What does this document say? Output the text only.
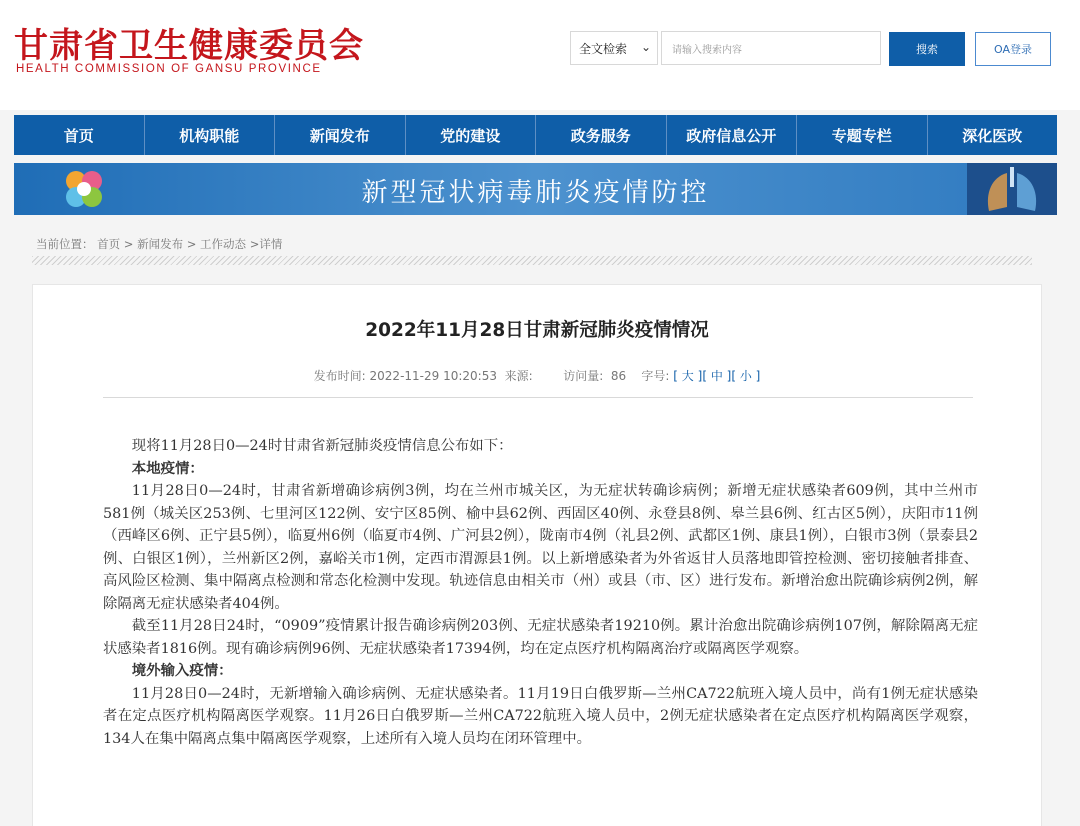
甘肃省卫生健康委员会
HEALTH COMMISSION OF GANSU PROVINCE
全文检索 ⌄ 请输入搜索内容	搜索	OA登录
首页	机构职能	新闻发布	党的建设	政务服务	政府信息公开	专题专栏	深化医改
新型冠状病毒肺炎疫情防控
当前位置： 首页 > 新闻发布 > 工作动态 >详情
2022年11月28日甘肃新冠肺炎疫情情况
发布时间: 2022-11-29 10:20:53 来源:	访问量: 86 字号: [ 大 ][ 中 ][ 小 ]

现将11月28日0—24时甘肃省新冠肺炎疫情信息公布如下：

本地疫情：

11月28日0—24时，甘肃省新增确诊病例3例，均在兰州市城关区，为无症状转确诊病例；新增无症状感染者609例，其中兰州市581例（城关区253例、七里河区122例、安宁区85例、榆中县62例、西固区40例、永登县8例、皋兰县6例、红古区5例），庆阳市11例（西峰区6例、正宁县5例），临夏州6例（临夏市4例、广河县2例），陇南市4例（礼县2例、武都区1例、康县1例），白银市3例（景泰县2例、白银区1例），兰州新区2例，嘉峪关市1例，定西市渭源县1例。以上新增感染者为外省返甘人员落地即管控检测、密切接触者排查、高风险区检测、集中隔离点检测和常态化检测中发现。轨迹信息由相关市（州）或县（市、区）进行发布。新增治愈出院确诊病例2例，解除隔离无症状感染者404例。

截至11月28日24时，“0909”疫情累计报告确诊病例203例、无症状感染者19210例。累计治愈出院确诊病例107例，解除隔离无症状感染者1816例。现有确诊病例96例、无症状感染者17394例，均在定点医疗机构隔离治疗或隔离医学观察。

境外输入疫情：

11月28日0—24时，无新增输入确诊病例、无症状感染者。11月19日白俄罗斯—兰州CA722航班入境人员中，尚有1例无症状感染者在定点医疗机构隔离医学观察。11月26日白俄罗斯—兰州CA722航班入境人员中，2例无症状感染者在定点医疗机构隔离医学观察，134人在集中隔离点集中隔离医学观察，上述所有入境人员均在闭环管理中。
